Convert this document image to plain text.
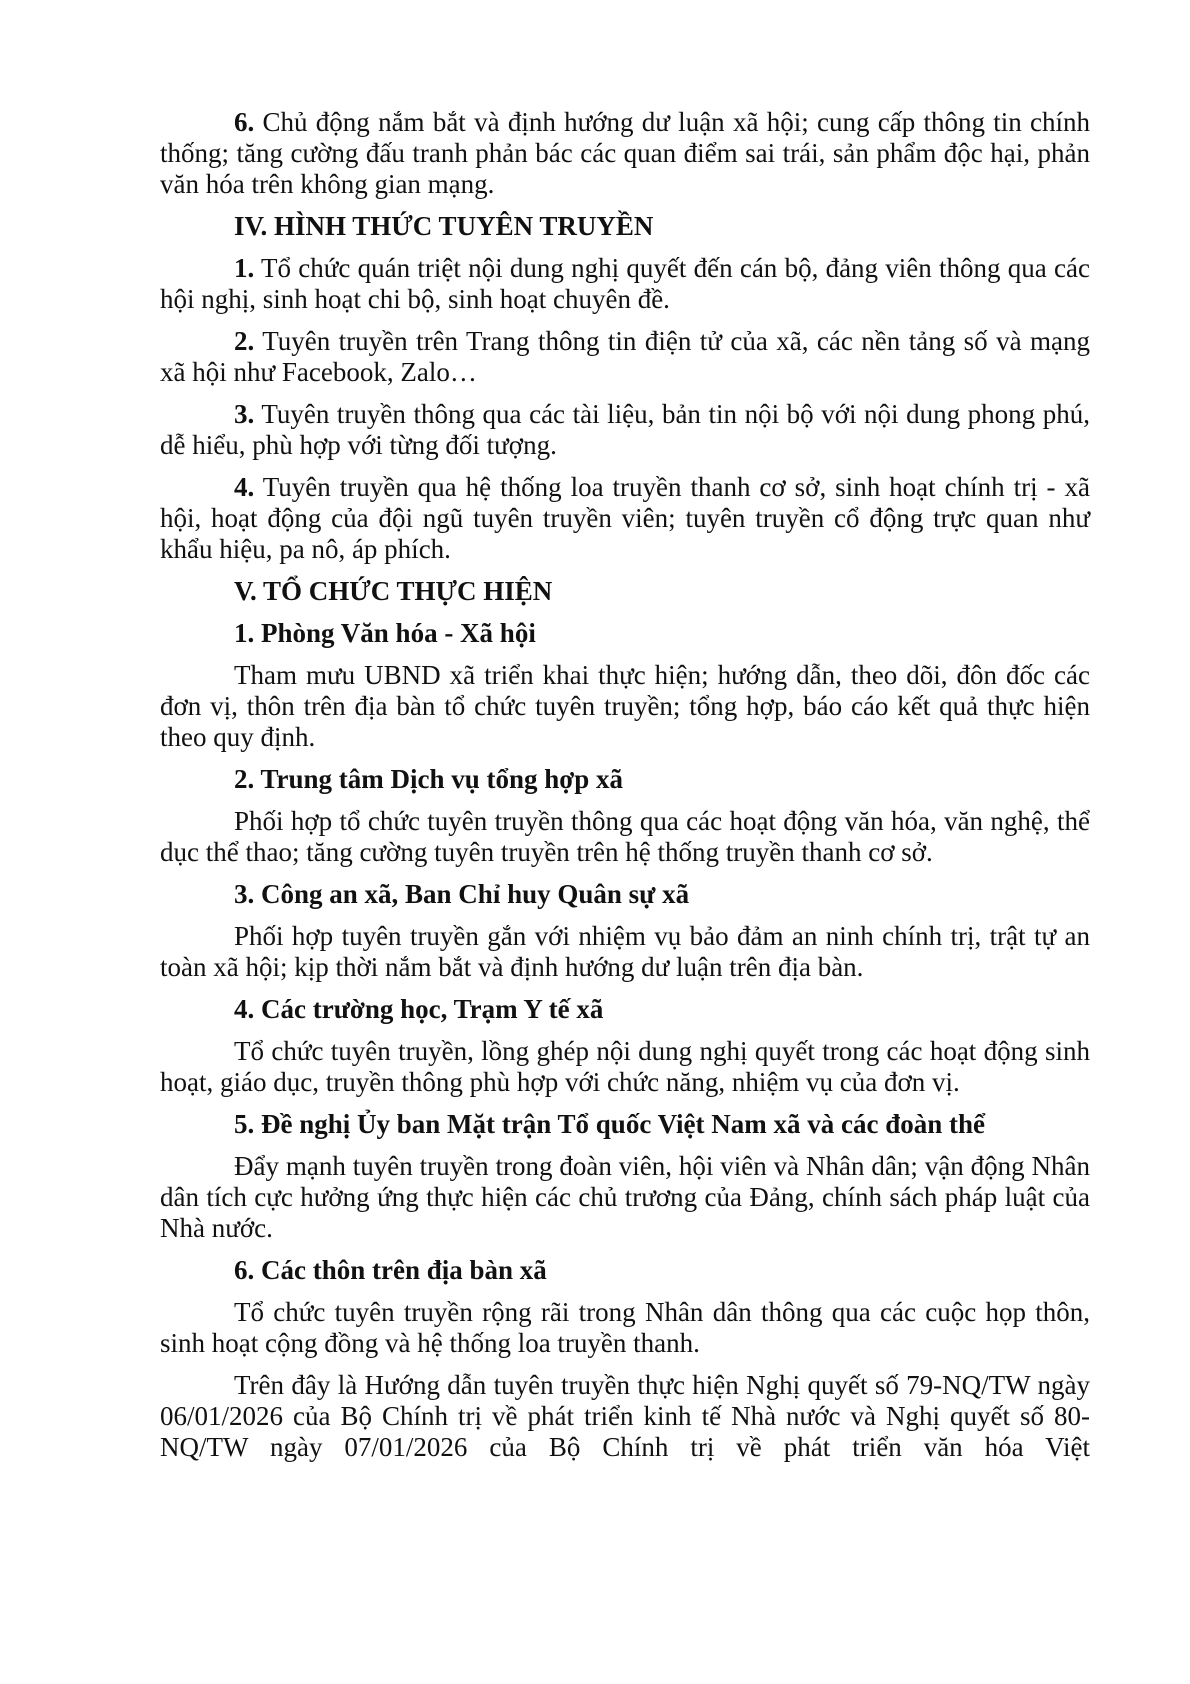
6. Chủ động nắm bắt và định hướng dư luận xã hội; cung cấp thông tin chính thống; tăng cường đấu tranh phản bác các quan điểm sai trái, sản phẩm độc hại, phản văn hóa trên không gian mạng.

IV. HÌNH THỨC TUYÊN TRUYỀN

1. Tổ chức quán triệt nội dung nghị quyết đến cán bộ, đảng viên thông qua các hội nghị, sinh hoạt chi bộ, sinh hoạt chuyên đề.

2. Tuyên truyền trên Trang thông tin điện tử của xã, các nền tảng số và mạng xã hội như Facebook, Zalo…

3. Tuyên truyền thông qua các tài liệu, bản tin nội bộ với nội dung phong phú, dễ hiểu, phù hợp với từng đối tượng.

4. Tuyên truyền qua hệ thống loa truyền thanh cơ sở, sinh hoạt chính trị - xã hội, hoạt động của đội ngũ tuyên truyền viên; tuyên truyền cổ động trực quan như khẩu hiệu, pa nô, áp phích.

V. TỔ CHỨC THỰC HIỆN

1. Phòng Văn hóa - Xã hội

Tham mưu UBND xã triển khai thực hiện; hướng dẫn, theo dõi, đôn đốc các đơn vị, thôn trên địa bàn tổ chức tuyên truyền; tổng hợp, báo cáo kết quả thực hiện theo quy định.

2. Trung tâm Dịch vụ tổng hợp xã

Phối hợp tổ chức tuyên truyền thông qua các hoạt động văn hóa, văn nghệ, thể dục thể thao; tăng cường tuyên truyền trên hệ thống truyền thanh cơ sở.

3. Công an xã, Ban Chỉ huy Quân sự xã

Phối hợp tuyên truyền gắn với nhiệm vụ bảo đảm an ninh chính trị, trật tự an toàn xã hội; kịp thời nắm bắt và định hướng dư luận trên địa bàn.

4. Các trường học, Trạm Y tế xã

Tổ chức tuyên truyền, lồng ghép nội dung nghị quyết trong các hoạt động sinh hoạt, giáo dục, truyền thông phù hợp với chức năng, nhiệm vụ của đơn vị.

5. Đề nghị Ủy ban Mặt trận Tổ quốc Việt Nam xã và các đoàn thể

Đẩy mạnh tuyên truyền trong đoàn viên, hội viên và Nhân dân; vận động Nhân dân tích cực hưởng ứng thực hiện các chủ trương của Đảng, chính sách pháp luật của Nhà nước.

6. Các thôn trên địa bàn xã

Tổ chức tuyên truyền rộng rãi trong Nhân dân thông qua các cuộc họp thôn, sinh hoạt cộng đồng và hệ thống loa truyền thanh.

Trên đây là Hướng dẫn tuyên truyền thực hiện Nghị quyết số 79-NQ/TW ngày 06/01/2026 của Bộ Chính trị về phát triển kinh tế Nhà nước và Nghị quyết số 80-NQ/TW ngày 07/01/2026 của Bộ Chính trị về phát triển văn hóa Việt
